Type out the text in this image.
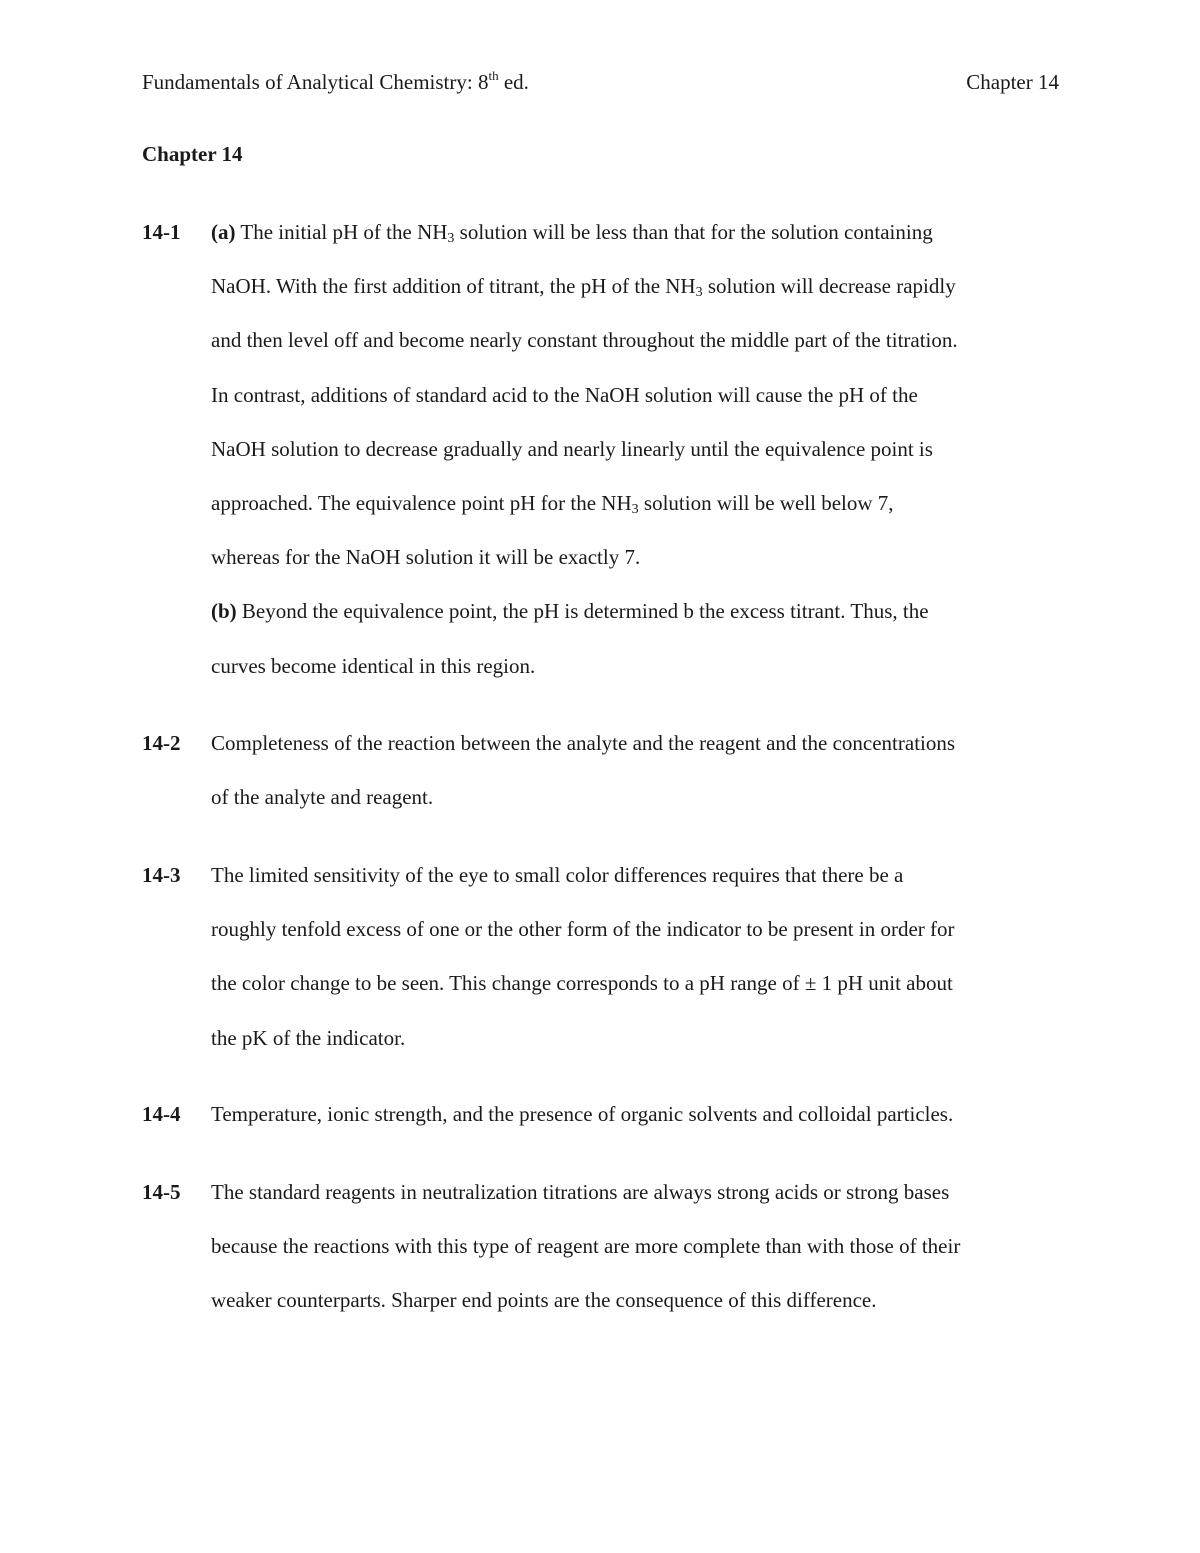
Fundamentals of Analytical Chemistry: 8th ed.	Chapter 14
Chapter 14
14-1 (a) The initial pH of the $NH_3$ solution will be less than that for the solution containing
NaOH. With the first addition of titrant, the pH of the $NH_3$ solution will decrease rapidly
and then level off and become nearly constant throughout the middle part of the titration.
In contrast, additions of standard acid to the NaOH solution will cause the pH of the
NaOH solution to decrease gradually and nearly linearly until the equivalence point is
approached. The equivalence point pH for the $NH_3$ solution will be well below 7,
whereas for the NaOH solution it will be exactly 7.
(b) Beyond the equivalence point, the pH is determined b the excess titrant. Thus, the
curves become identical in this region.
14-2 Completeness of the reaction between the analyte and the reagent and the concentrations
of the analyte and reagent.
14-3 The limited sensitivity of the eye to small color differences requires that there be a
roughly tenfold excess of one or the other form of the indicator to be present in order for
the color change to be seen. This change corresponds to a pH range of ± 1 pH unit about
the pK of the indicator.
14-4 Temperature, ionic strength, and the presence of organic solvents and colloidal particles.
14-5 The standard reagents in neutralization titrations are always strong acids or strong bases
because the reactions with this type of reagent are more complete than with those of their
weaker counterparts. Sharper end points are the consequence of this difference.
